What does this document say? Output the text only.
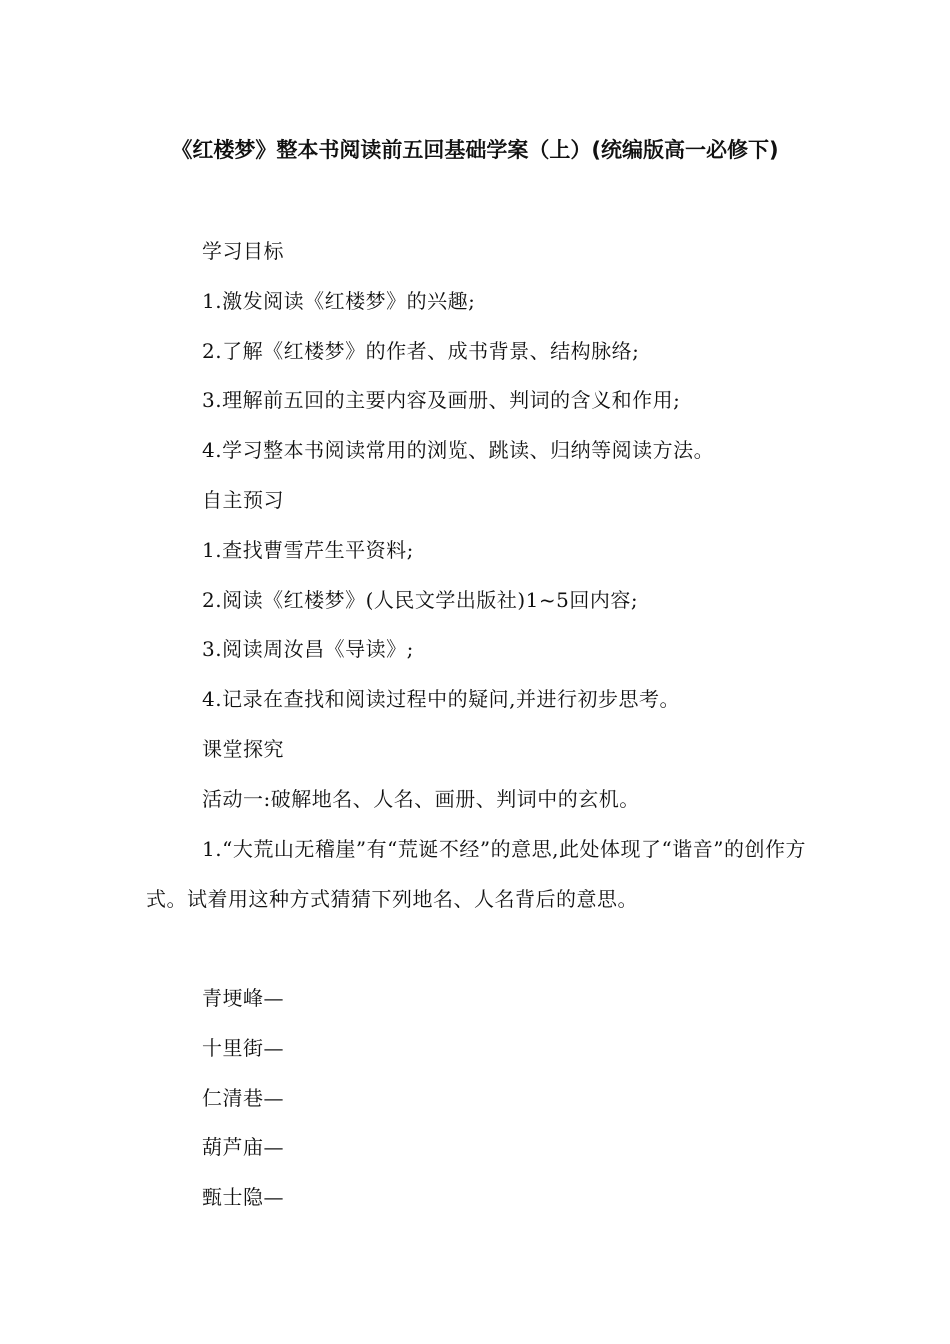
《红楼梦》整本书阅读前五回基础学案（上）(统编版高一必修下)
学习目标
1.激发阅读《红楼梦》的兴趣;
2.了解《红楼梦》的作者、成书背景、结构脉络;
3.理解前五回的主要内容及画册、判词的含义和作用;
4.学习整本书阅读常用的浏览、跳读、归纳等阅读方法。
自主预习
1.查找曹雪芹生平资料;
2.阅读《红楼梦》(人民文学出版社)1~5回内容;
3.阅读周汝昌《导读》;
4.记录在查找和阅读过程中的疑问,并进行初步思考。
课堂探究
活动一:破解地名、人名、画册、判词中的玄机。
1.“大荒山无稽崖”有“荒诞不经”的意思,此处体现了“谐音”的创作方式。试着用这种方式猜猜下列地名、人名背后的意思。
青埂峰—
十里街—
仁清巷—
葫芦庙—
甄士隐—
